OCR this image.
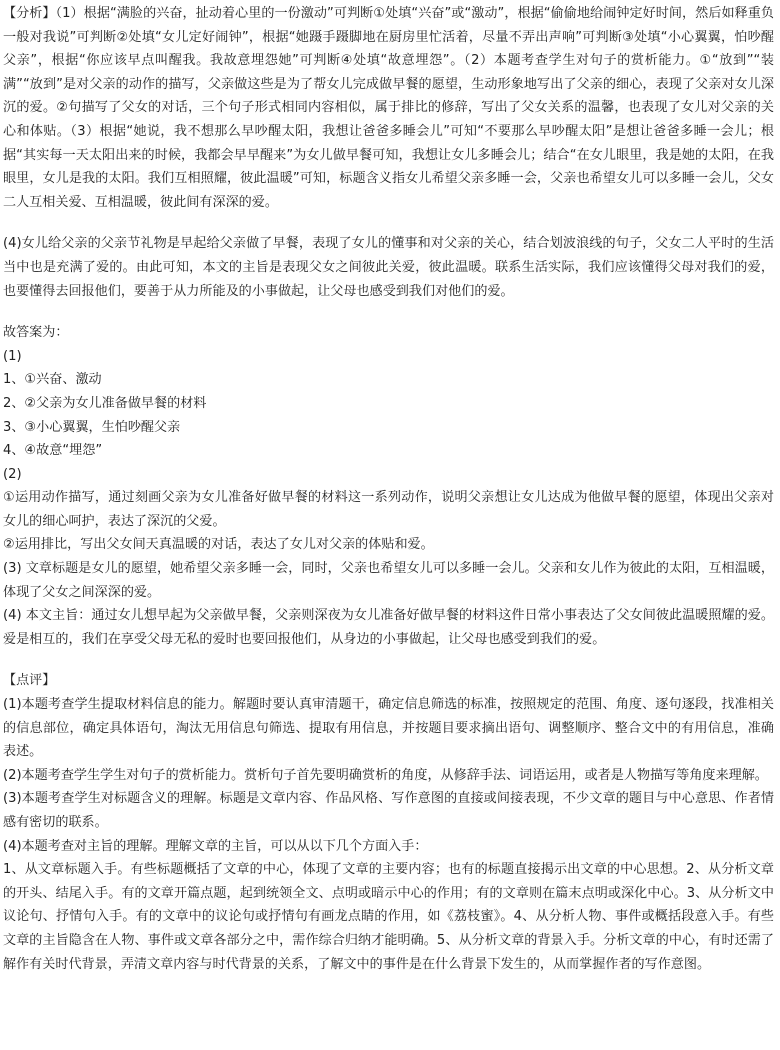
【分析】（1）根据“满脸的兴奋，扯动着心里的一份激动”可判断①处填“兴奋”或“激动”，根据“偷偷地给闹钟定好时间，然后如释重负一般对我说”可判断②处填“女儿定好闹钟”，根据“她蹑手蹑脚地在厨房里忙活着，尽量不弄出声响”可判断③处填“小心翼翼，怕吵醒父亲”，根据“你应该早点叫醒我。我故意埋怨她”可判断④处填“故意埋怨”。（2）本题考查学生对句子的赏析能力。①“放到”“装满”“放到”是对父亲的动作的描写，父亲做这些是为了帮女儿完成做早餐的愿望，生动形象地写出了父亲的细心，表现了父亲对女儿深沉的爱。②句描写了父女的对话，三个句子形式相同内容相似，属于排比的修辞，写出了父女关系的温馨，也表现了女儿对父亲的关心和体贴。（3）根据“她说，我不想那么早吵醒太阳，我想让爸爸多睡会儿”可知“不要那么早吵醒太阳”是想让爸爸多睡一会儿；根据“其实每一天太阳出来的时候，我都会早早醒来”为女儿做早餐可知，我想让女儿多睡会儿；结合“在女儿眼里，我是她的太阳，在我眼里，女儿是我的太阳。我们互相照耀，彼此温暖”可知，标题含义指女儿希望父亲多睡一会，父亲也希望女儿可以多睡一会儿，父女二人互相关爱、互相温暖，彼此间有深深的爱。

(4)女儿给父亲的父亲节礼物是早起给父亲做了早餐，表现了女儿的懂事和对父亲的关心，结合划波浪线的句子，父女二人平时的生活当中也是充满了爱的。由此可知，本文的主旨是表现父女之间彼此关爱，彼此温暖。联系生活实际，我们应该懂得父母对我们的爱，也要懂得去回报他们，要善于从力所能及的小事做起，让父母也感受到我们对他们的爱。

故答案为：

(1)

1、①兴奋、激动

2、②父亲为女儿准备做早餐的材料

3、③小心翼翼，生怕吵醒父亲

4、④故意“埋怨”

(2)

①运用动作描写，通过刻画父亲为女儿准备好做早餐的材料这一系列动作，说明父亲想让女儿达成为他做早餐的愿望，体现出父亲对女儿的细心呵护，表达了深沉的父爱。

②运用排比，写出父女间天真温暖的对话，表达了女儿对父亲的体贴和爱。

(3) 文章标题是女儿的愿望，她希望父亲多睡一会，同时，父亲也希望女儿可以多睡一会儿。父亲和女儿作为彼此的太阳，互相温暖，体现了父女之间深深的爱。

(4) 本文主旨：通过女儿想早起为父亲做早餐，父亲则深夜为女儿准备好做早餐的材料这件日常小事表达了父女间彼此温暖照耀的爱。爱是相互的，我们在享受父母无私的爱时也要回报他们，从身边的小事做起，让父母也感受到我们的爱。

【点评】

(1)本题考查学生提取材料信息的能力。解题时要认真审清题干，确定信息筛选的标准，按照规定的范围、角度、逐句逐段，找准相关的信息部位，确定具体语句，淘汰无用信息句筛选、提取有用信息，并按题目要求摘出语句、调整顺序、整合文中的有用信息，准确表述。

(2)本题考查学生学生对句子的赏析能力。赏析句子首先要明确赏析的角度，从修辞手法、词语运用，或者是人物描写等角度来理解。

(3)本题考查学生对标题含义的理解。标题是文章内容、作品风格、写作意图的直接或间接表现，不少文章的题目与中心意思、作者情感有密切的联系。

(4)本题考查对主旨的理解。理解文章的主旨，可以从以下几个方面入手：

1、从文章标题入手。有些标题概括了文章的中心，体现了文章的主要内容；也有的标题直接揭示出文章的中心思想。2、从分析文章的开头、结尾入手。有的文章开篇点题，起到统领全文、点明或暗示中心的作用；有的文章则在篇末点明或深化中心。3、从分析文中议论句、抒情句入手。有的文章中的议论句或抒情句有画龙点睛的作用，如《荔枝蜜》。4、从分析人物、事件或概括段意入手。有些文章的主旨隐含在人物、事件或文章各部分之中，需作综合归纳才能明确。5、从分析文章的背景入手。分析文章的中心，有时还需了解作有关时代背景，弄清文章内容与时代背景的关系，了解文中的事件是在什么背景下发生的，从而掌握作者的写作意图。
